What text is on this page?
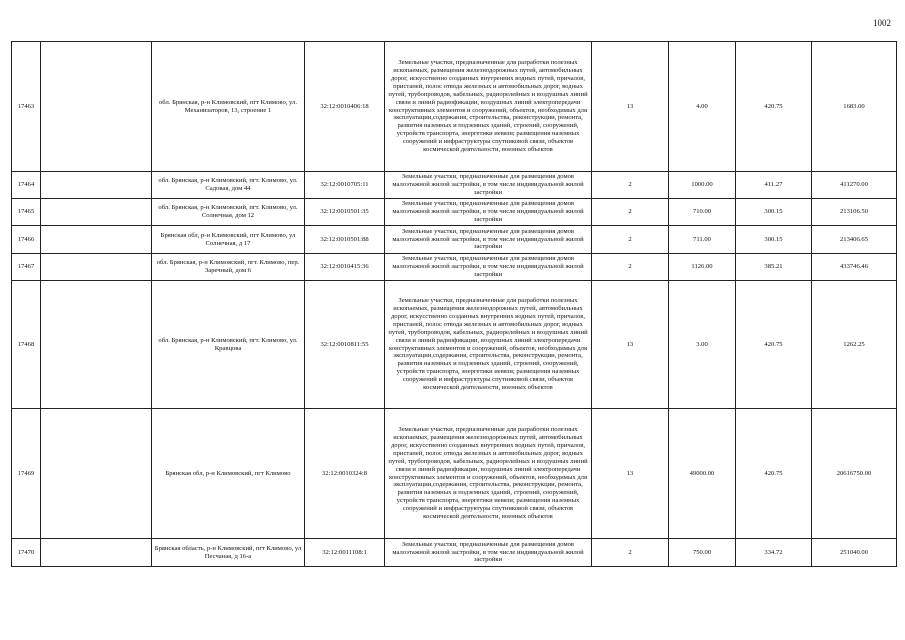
1002
17463		обл. Брянская, р-н Климовский, пгт Климово, ул. Механизаторов, 13, строение 1	32:12:0010406:18	Земельные участки, предназначенные для разработки полезных ископаемых, размещения железнодорожных путей, автомобильных дорог, искусственно созданных внутренних водных путей, причалов, пристаней, полос отвода железных и автомобильных дорог, водных путей, трубопроводов, кабельных, радиорелейных и воздушных линий связи и линий радиофикации, воздушных линий электропередачи конструктивных элементов и сооружений, объектов, необходимых для эксплуатации,содержания, строительства, реконструкции, ремонта, развития наземных и подземных зданий, строений, сооружений, устройств транспорта, энергетики иевязи; размещения наземных сооружений и инфраструктуры спутниковой связи, объектов космической деятельности, военных объектов	13	4.00	420.75	1683.00
17464		обл. Брянская, р-н Климовский, пгт. Климово, ул. Садовая, дом 44	32:12:0010705:11	Земельные участки, предназначенные для размещения домов малоэтажной жилой застройки, в том числе индивидуальной жилой застройки	2	1000.00	411.27	411270.00
17465		обл. Брянская, р-н Климовский, пгт. Климово, ул. Солнечная, дом 12	32:12:0010501:35	Земельные участки, предназначенные для размещения домов малоэтажной жилой застройки, в том числе индивидуальной жилой застройки	2	710.00	300.15	213106.50
17466		Брянская обл, р-н Климовский, пгт Климово, ул Солнечная, д 17	32:12:0010501:88	Земельные участки, предназначенные для размещения домов малоэтажной жилой застройки, в том числе индивидуальной жилой застройки	2	711.00	300.15	213406.65
17467		обл. Брянская, р-н Климовский, пгт. Климово, пер. Заречный, дом 6	32:12:0010415:36	Земельные участки, предназначенные для размещения домов малоэтажной жилой застройки, в том числе индивидуальной жилой застройки	2	1126.00	385.21	433746.46
17468		обл. Брянская, р-н Климовский, пгт. Климово, ул. Кравцова	32:12:0010811:55	Земельные участки, предназначенные для разработки полезных ископаемых, размещения железнодорожных путей, автомобильных дорог, искусственно созданных внутренних водных путей, причалов, пристаней, полос отвода железных и автомобильных дорог, водных путей, трубопроводов, кабельных, радиорелейных и воздушных линий связи и линий радиофикации, воздушных линий электропередачи конструктивных элементов и сооружений, объектов, необходимых для эксплуатации,содержания, строительства, реконструкции, ремонта, развития наземных и подземных зданий, строений, сооружений, устройств транспорта, энергетики иевязи; размещения наземных сооружений и инфраструктуры спутниковой связи, объектов космической деятельности, военных объектов	13	3.00	420.75	1262.25
17469		Брянская обл, р-н Климовский, пгт Климово	32:12:0010324:8	Земельные участки, предназначенные для разработки полезных ископаемых, размещения железнодорожных путей, автомобильных дорог, искусственно созданных внутренних водных путей, причалов, пристаней, полос отвода железных и автомобильных дорог, водных путей, трубопроводов, кабельных, радиорелейных и воздушных линий связи и линий радиофикации, воздушных линий электропередачи конструктивных элементов и сооружений, объектов, необходимых для эксплуатации,содержания, строительства, реконструкции, ремонта, развития наземных и подземных зданий, строений, сооружений, устройств транспорта, энергетики иевязи; размещения наземных сооружений и инфраструктуры спутниковой связи, объектов космической деятельности, военных объектов	13	49000.00	420.75	20616750.00
17470		Брянская область, р-н Климовский, пгт Климово, ул Песчаная, д 16-а	32:12:0011108:1	Земельные участки, предназначенные для размещения домов малоэтажной жилой застройки, в том числе индивидуальной жилой застройки	2	750.00	334.72	251040.00
